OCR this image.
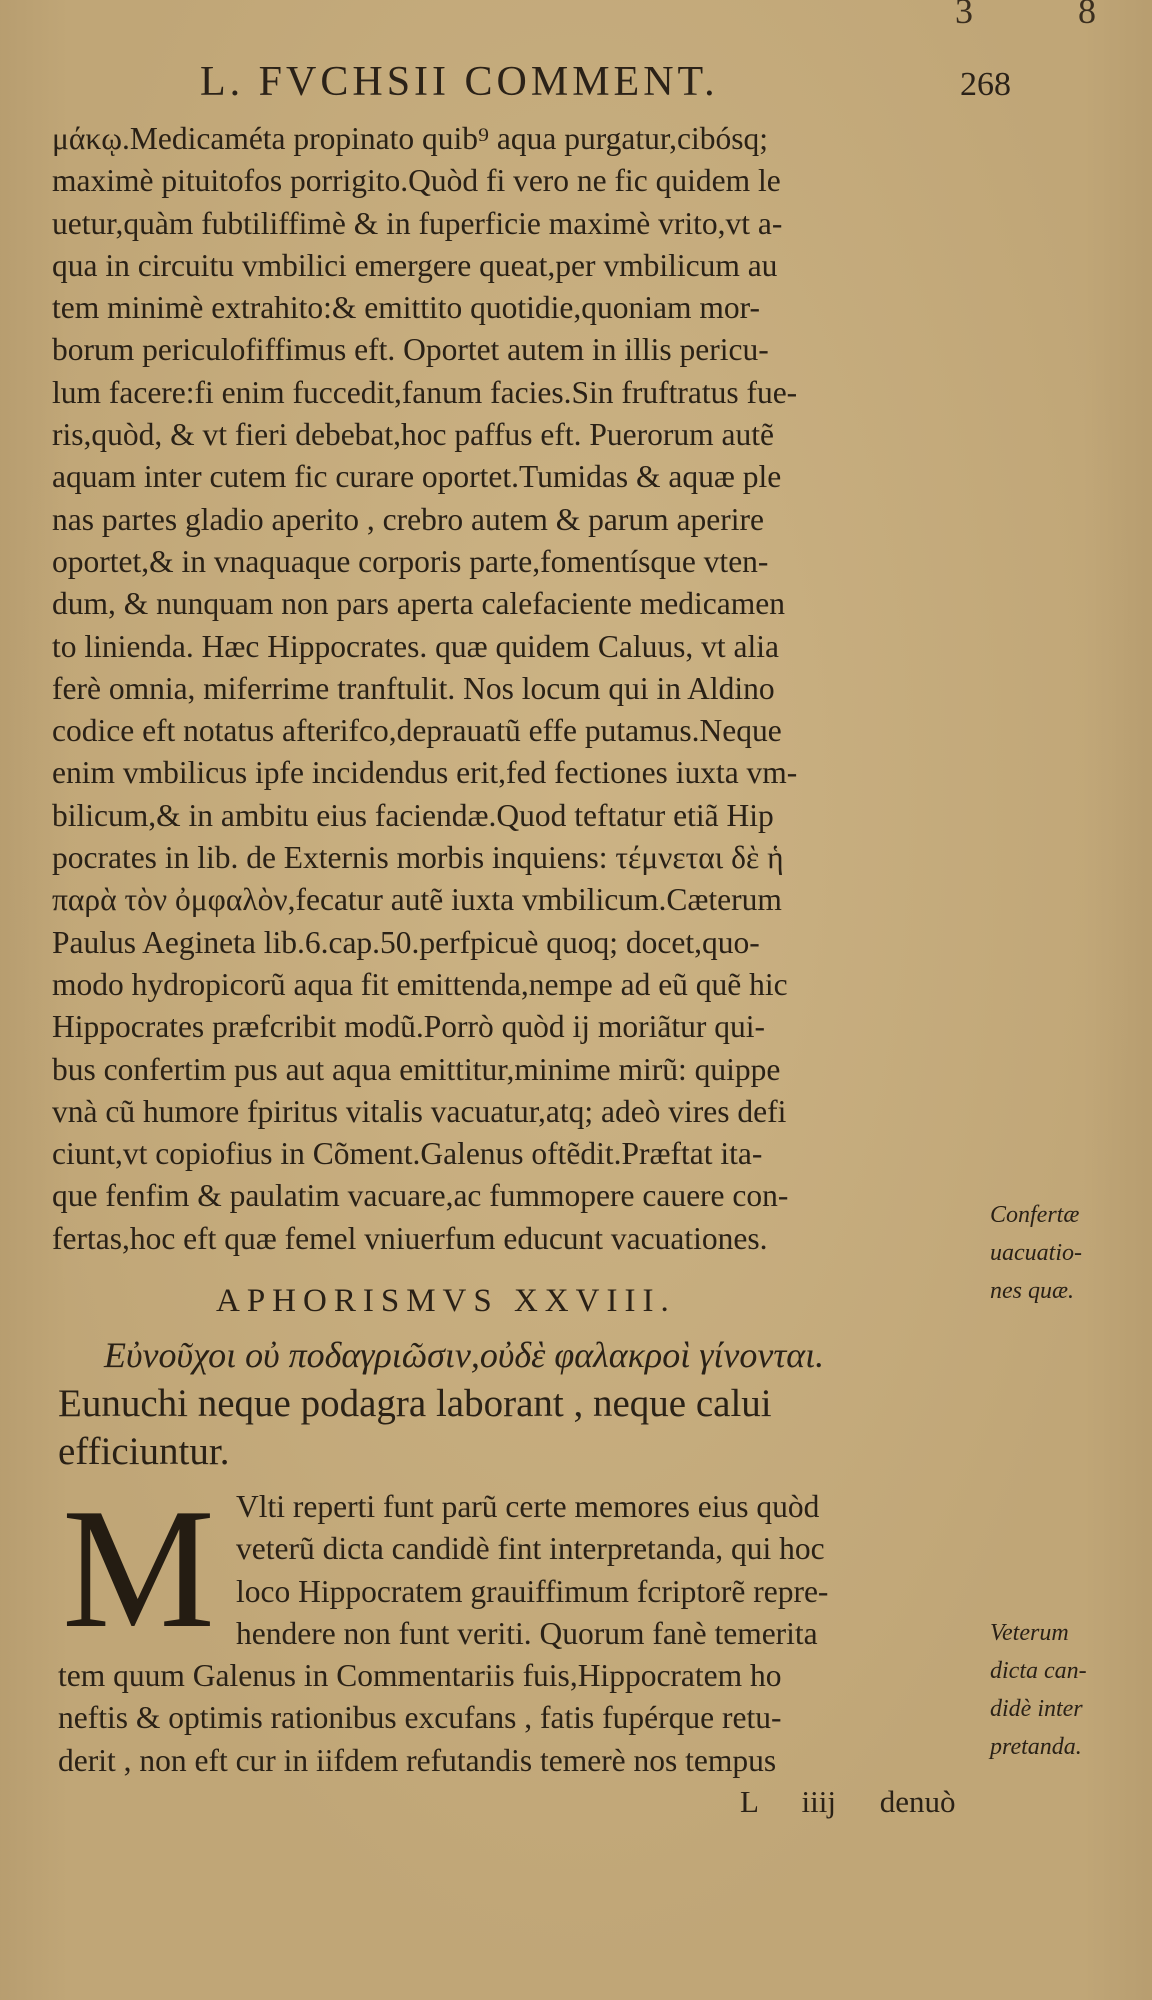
3 8
L. FVCHSII COMMENT.	268
μάκῳ.Medicaméta propinato quib⁹ aqua purgatur,cibósq;
maximè pituitofos porrigito.Quòd fi vero ne fic quidem le
uetur,quàm fubtiliffimè & in fuperficie maximè vrito,vt a-
qua in circuitu vmbilici emergere queat,per vmbilicum au
tem minimè extrahito:& emittito quotidie,quoniam mor-
borum periculofiffimus eft. Oportet autem in illis pericu-
lum facere:fi enim fuccedit,fanum facies.Sin fruftratus fue-
ris,quòd, & vt fieri debebat,hoc paffus eft. Puerorum autẽ
aquam inter cutem fic curare oportet.Tumidas & aquæ ple
nas partes gladio aperito , crebro autem & parum aperire
oportet,& in vnaquaque corporis parte,fomentísque vten-
dum, & nunquam non pars aperta calefaciente medicamen
to linienda. Hæc Hippocrates. quæ quidem Caluus, vt alia
ferè omnia, miferrime tranftulit. Nos locum qui in Aldino
codice eft notatus afterifco,deprauatũ effe putamus.Neque
enim vmbilicus ipfe incidendus erit,fed fectiones iuxta vm-
bilicum,& in ambitu eius faciendæ.Quod teftatur etiã Hip
pocrates in lib. de Externis morbis inquiens: τέμνεται δὲ ἡ
παρὰ τὸν ὀμφαλὸν,fecatur autẽ iuxta vmbilicum.Cæterum
Paulus Aegineta lib.6.cap.50.perfpicuè quoq; docet,quo-
modo hydropicorũ aqua fit emittenda,nempe ad eũ quẽ hic
Hippocrates præfcribit modũ.Porrò quòd ij moriãtur qui-
bus confertim pus aut aqua emittitur,minime mirũ: quippe
vnà cũ humore fpiritus vitalis vacuatur,atq; adeò vires defi
ciunt,vt copiofius in Cõment.Galenus oftẽdit.Præftat ita-
que fenfim & paulatim vacuare,ac fummopere cauere con-
fertas,hoc eft quæ femel vniuerfum educunt vacuationes.
Confertæ
uacuatio-
nes quæ.
APHORISMVS XXVIII.
Εὐνοῦχοι οὐ ποδαγριῶσιν,οὐδὲ φαλακροὶ γίνονται.
Eunuchi neque podagra laborant , neque calui
efficiuntur.
M Vlti reperti funt parũ certe memores eius quòd
veterũ dicta candidè fint interpretanda, qui hoc
loco Hippocratem grauiffimum fcriptorẽ repre-
hendere non funt veriti. Quorum fanè temerita
tem quum Galenus in Commentariis fuis,Hippocratem ho
neftis & optimis rationibus excufans , fatis fupérque retu-
derit , non eft cur in iifdem refutandis temerè nos tempus
Veterum
dicta can-
didè inter
pretanda.
L iiij denuò
